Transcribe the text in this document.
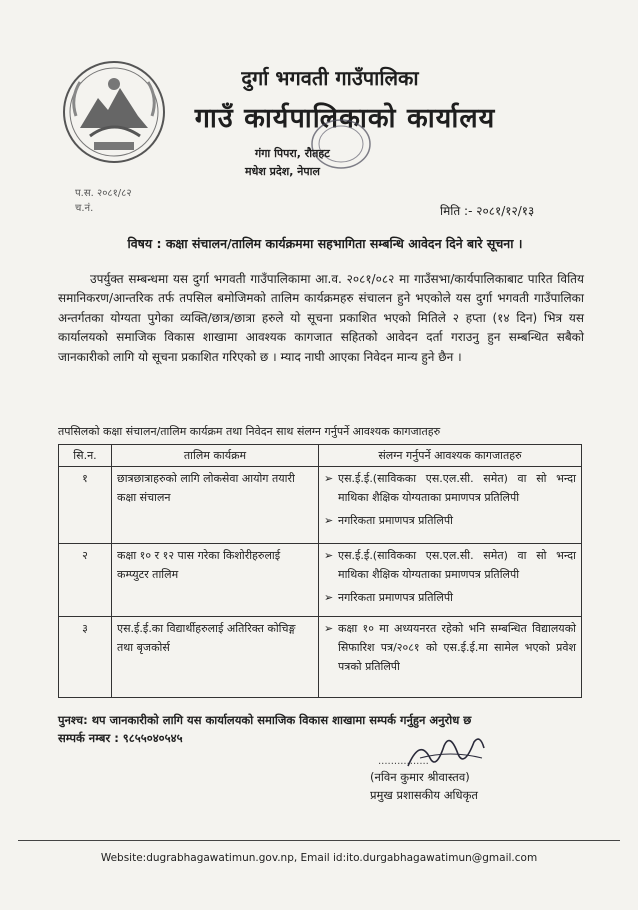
दुर्गा भगवती गाउँपालिका
गाउँ कार्यपालिकाको कार्यालय
गंगा पिपरा, रौतहट
मधेश प्रदेश, नेपाल
प.स. २०८१/८२
च.नं.	मिति :- २०८१/१२/१३
विषय : कक्षा संचालन/तालिम कार्यक्रममा सहभागिता सम्बन्धि आवेदन दिने बारे सूचना ।

उपर्युक्त सम्बन्धमा यस दुर्गा भगवती गाउँपालिकामा आ.व. २०८१/०८२ मा गाउँसभा/कार्यपालिकाबाट पारित वितिय समानिकरण/आन्तरिक तर्फ तपसिल बमोजिमको तालिम कार्यक्रमहरु संचालन हुने भएकोले यस दुर्गा भगवती गाउँपालिका अन्तर्गतका योग्यता पुगेका व्यक्ति/छात्र/छात्रा हरुले यो सूचना प्रकाशित भएको मितिले २ हप्ता (१४ दिन) भित्र यस कार्यालयको समाजिक विकास शाखामा आवश्यक कागजात सहितको आवेदन दर्ता गराउनु हुन सम्बन्धित सबैको जानकारीको लागि यो सूचना प्रकाशित गरिएको छ । म्याद नाघी आएका निवेदन मान्य हुने छैन ।

तपसिलको कक्षा संचालन/तालिम कार्यक्रम तथा निवेदन साथ संलग्न गर्नुपर्ने आवश्यक कागजातहरु
सि.न.	तालिम कार्यक्रम	संलग्न गर्नुपर्ने आवश्यक कागजातहरु
१	छात्रछात्राहरुको लागि लोकसेवा आयोग तयारी कक्षा संचालन	➢ एस.ई.ई.(साविकका एस.एल.सी. समेत) वा सो भन्दा माथिका शैक्षिक योग्यताका प्रमाणपत्र प्रतिलिपी
➢ नगरिकता प्रमाणपत्र प्रतिलिपी

२	कक्षा १० र १२ पास गरेका किशोरीहरुलाई कम्प्युटर तालिम	➢ एस.ई.ई.(साविकका एस.एल.सी. समेत) वा सो भन्दा माथिका शैक्षिक योग्यताका प्रमाणपत्र प्रतिलिपी
➢ नगरिकता प्रमाणपत्र प्रतिलिपी

३	एस.ई.ई.का विद्यार्थीहरुलाई अतिरिक्त कोचिङ्ग तथा बृजकोर्स	➢ कक्षा १० मा अध्ययनरत रहेको भनि सम्बन्धित विद्यालयको सिफारिश पत्र/२०८१ को एस.ई.ई.मा सामेल भएको प्रवेश पत्रको प्रतिलिपी
पुनश्च: थप जानकारीको लागि यस कार्यालयको समाजिक विकास शाखामा सम्पर्क गर्नुहुन अनुरोध छ
सम्पर्क नम्बर : ९८५५०४०५४५
................
(नविन कुमार श्रीवास्तव)
प्रमुख प्रशासकीय अधिकृत
Website:dugrabhagawatimun.gov.np, Email id:ito.durgabhagawatimun@gmail.com
